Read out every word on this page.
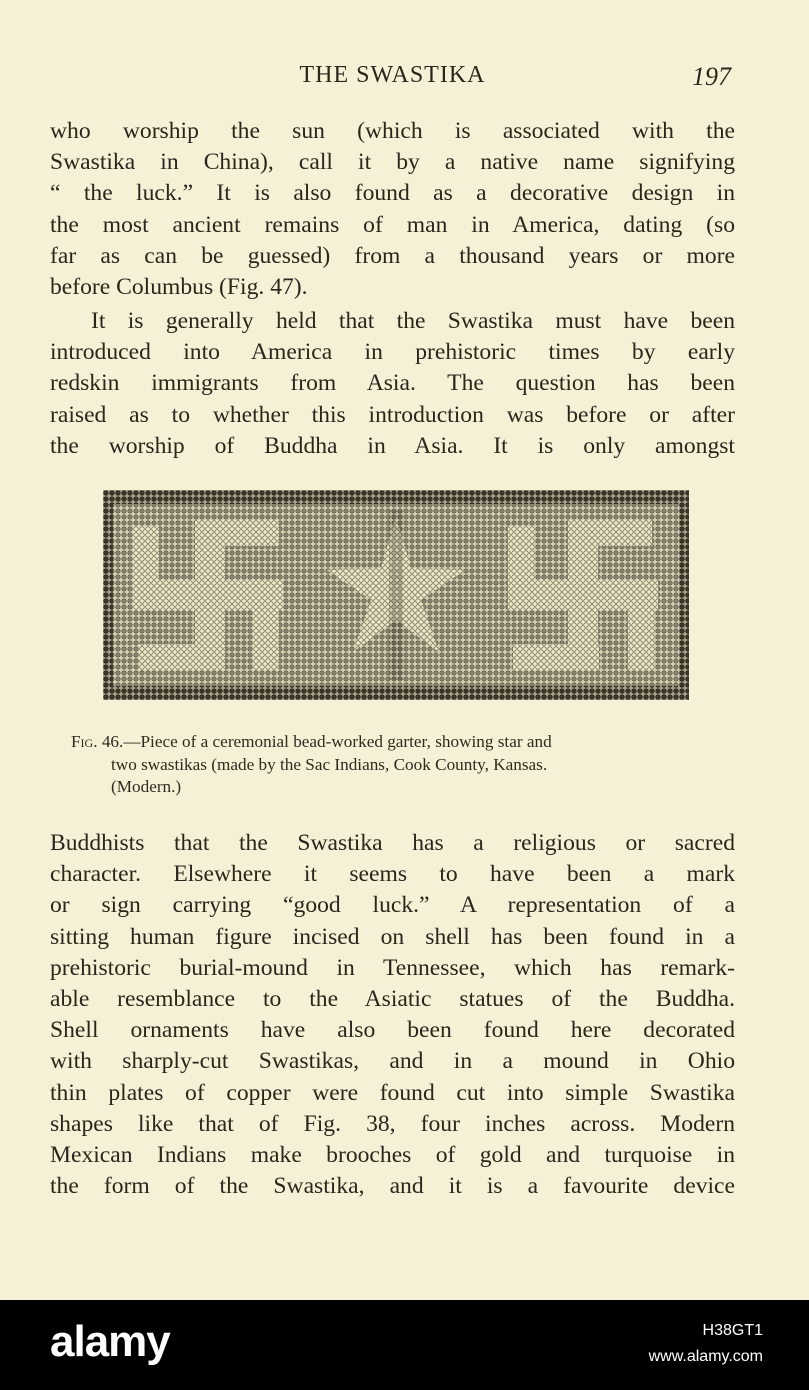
THE SWASTIKA	197

who worship the sun (which is associated with the
Swastika in China), call it by a native name signifying
“ the luck.” It is also found as a decorative design in
the most ancient remains of man in America, dating (so
far as can be guessed) from a thousand years or more
before Columbus (Fig. 47).

It is generally held that the Swastika must have been
introduced into America in prehistoric times by early
redskin immigrants from Asia. The question has been
raised as to whether this introduction was before or after
the worship of Buddha in Asia. It is only amongst

Fig. 46.—Piece of a ceremonial bead-worked garter, showing star and
two swastikas (made by the Sac Indians, Cook County, Kansas.
(Modern.)

Buddhists that the Swastika has a religious or sacred
character. Elsewhere it seems to have been a mark
or sign carrying “good luck.” A representation of a
sitting human figure incised on shell has been found in a
prehistoric burial-mound in Tennessee, which has remark-
able resemblance to the Asiatic statues of the Buddha.
Shell ornaments have also been found here decorated
with sharply-cut Swastikas, and in a mound in Ohio
thin plates of copper were found cut into simple Swastika
shapes like that of Fig. 38, four inches across. Modern
Mexican Indians make brooches of gold and turquoise in
the form of the Swastika, and it is a favourite device

alamy	H38GT1
www.alamy.com
